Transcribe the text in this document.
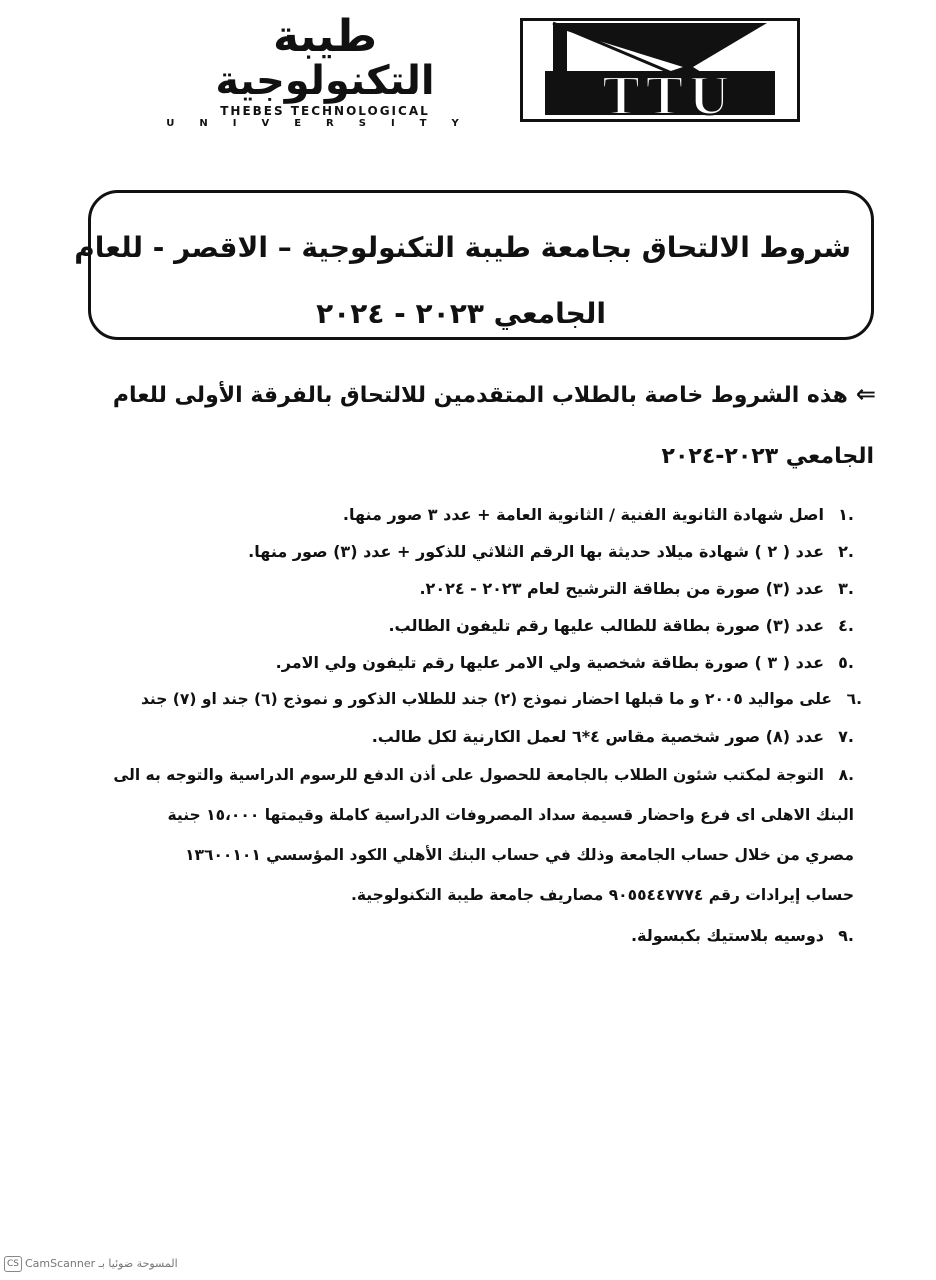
طيبة
التكنولوجية
THEBES TECHNOLOGICAL
UNIVERSITY	TTU
شروط الالتحاق بجامعة طيبة التكنولوجية – الاقصر - للعام
الجامعي ٢٠٢٣ - ٢٠٢٤
⇐هذه الشروط خاصة بالطلاب المتقدمين للالتحاق بالفرقة الأولى للعام
الجامعي ٢٠٢٣-٢٠٢٤
.١
اصل شهادة الثانوية الفنية / الثانوية العامة + عدد ٣ صور منها.
.٢
عدد ( ٢ ) شهادة ميلاد حديثة بها الرقم الثلاثي للذكور + عدد (٣) صور منها.
.٣
عدد (٣) صورة من بطاقة الترشيح لعام ٢٠٢٣ - ٢٠٢٤.
.٤
عدد (٣) صورة بطاقة للطالب عليها رقم تليفون الطالب.
.٥
عدد ( ٣ ) صورة بطاقة شخصية ولي الامر عليها رقم تليفون ولي الامر.
.٦
على مواليد ٢٠٠٥ و ما قبلها احضار نموذج (٢) جند للطلاب الذكور و نموذج (٦) جند او (٧) جند
.٧
عدد (٨) صور شخصية مقاس ٤*٦ لعمل الكارنية لكل طالب.
.٨
التوجة لمكتب شئون الطلاب بالجامعة للحصول على أذن الدفع للرسوم الدراسية والتوجه به الى
البنك الاهلى اى فرع واحضار قسيمة سداد المصروفات الدراسية كاملة وقيمتها ١٥،٠٠٠ جنية
مصري من خلال حساب الجامعة وذلك في حساب البنك الأهلي الكود المؤسسي ١٣٦٠٠١٠١
حساب إيرادات رقم ٩٠٥٥٤٤٧٧٧٤ مصاريف جامعة طيبة التكنولوجية.
.٩
دوسيه بلاستيك بكبسولة.
CS CamScanner المسوحة ضوئيا بـ
